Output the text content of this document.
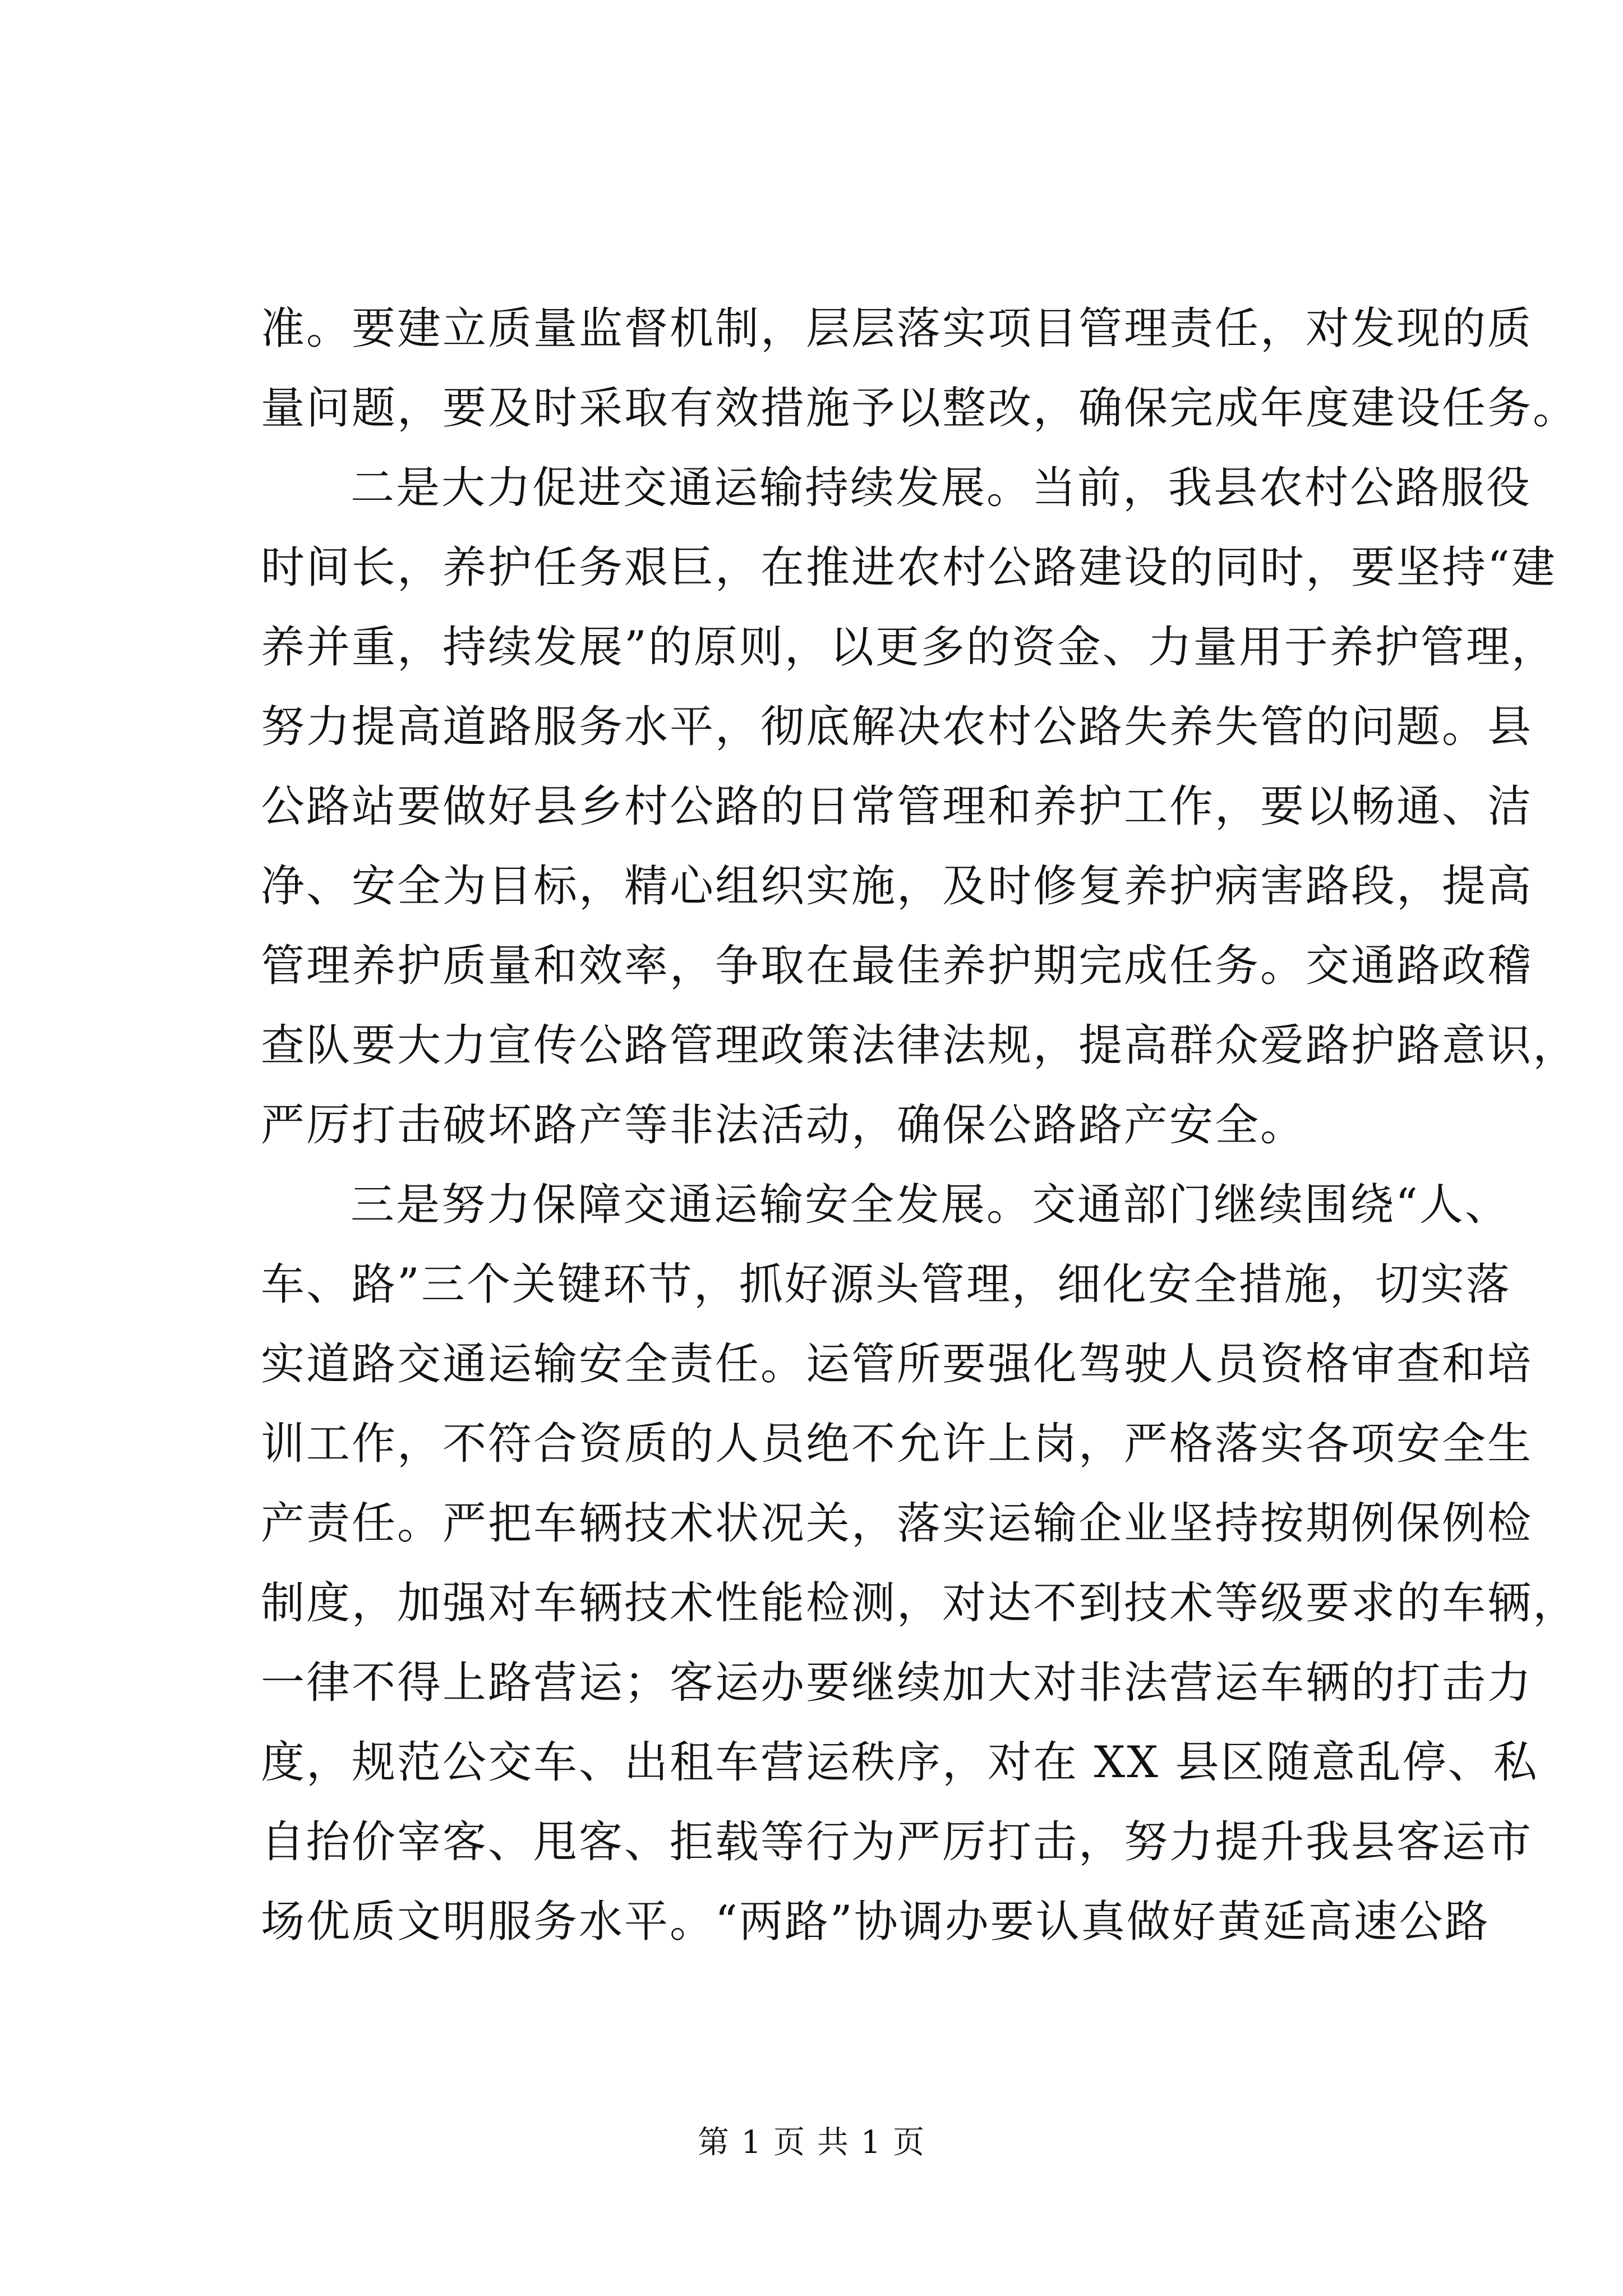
准。要建立质量监督机制，层层落实项目管理责任，对发现的质
量问题，要及时采取有效措施予以整改，确保完成年度建设任务。
二是大力促进交通运输持续发展。当前，我县农村公路服役
时间长，养护任务艰巨，在推进农村公路建设的同时，要坚持“建
养并重，持续发展”的原则，以更多的资金、力量用于养护管理，
努力提高道路服务水平，彻底解决农村公路失养失管的问题。县
公路站要做好县乡村公路的日常管理和养护工作，要以畅通、洁
净、安全为目标，精心组织实施，及时修复养护病害路段，提高
管理养护质量和效率，争取在最佳养护期完成任务。交通路政稽
查队要大力宣传公路管理政策法律法规，提高群众爱路护路意识，
严厉打击破坏路产等非法活动，确保公路路产安全。
三是努力保障交通运输安全发展。交通部门继续围绕“人、
车、路”三个关键环节，抓好源头管理，细化安全措施，切实落
实道路交通运输安全责任。运管所要强化驾驶人员资格审查和培
训工作，不符合资质的人员绝不允许上岗，严格落实各项安全生
产责任。严把车辆技术状况关，落实运输企业坚持按期例保例检
制度，加强对车辆技术性能检测，对达不到技术等级要求的车辆，
一律不得上路营运；客运办要继续加大对非法营运车辆的打击力
度，规范公交车、出租车营运秩序，对在 XX 县区随意乱停、私
自抬价宰客、甩客、拒载等行为严厉打击，努力提升我县客运市
场优质文明服务水平。“两路”协调办要认真做好黄延高速公路
第 1 页 共 1 页
